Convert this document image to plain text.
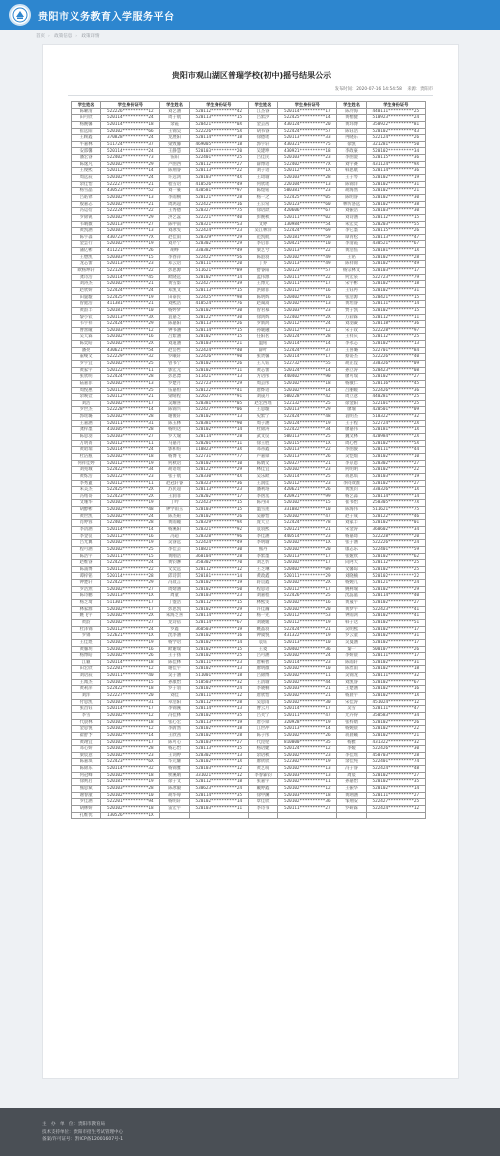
贵阳市义务教育入学服务平台
首页 › 政策信息 › 政策详情
贵阳市观山湖区普瑞学校(初中)摇号结果公示
发布时间：2020-07-16 14:54:58 来源：贵阳市
学生姓名	学生身份证号	学生姓名	学生身份证号	学生姓名	学生身份证号	学生姓名	学生身份证号
陈曜清	522226**********12	刘艺涵	520112**********42	江杰睿	520114**********17	陈冷海	440111**********25
田可欣	520114**********24	周子航	520113**********15	吕紫汐	522425**********14	黄楷健	510923**********24
杨婉馨	520114**********18	余霞	520421**********0X	金芸茜	430124**********20	黄玮博	350922**********81
崔远阳	520102**********66	王锦昊	522226**********5X	胡书睿	522424**********57	陈钰浩	520102**********43
王顾鑫	370828**********24	龙展阳	520114**********18	徐德瑶	520113**********33	冉晓东	522124**********26
牛嘉林	511724**********37	梁致馨	469005**********18	郭宇轩	430321**********75	徐凯	321281**********50
安邵馨	520114**********24	王静慧	520103**********20	吴建坤	430921**********18	李政豪	520102**********34
潘宏睿	522402**********73	伍阳	522401**********25	吕佳民	520103**********23	李函澄	520115**********36
陈逸凡	520102**********29	卢函西	520112**********27	薛博语	522402**********7X	刘宇赛	431124**********9X
王俊熙	520112**********14	陈翔睿	520113**********22	刘子语	520112**********1X	韩思航	520114**********36
周远辰	520102**********24	许远鸿	520103**********4X	王琦瑜	520103**********28	王子琴	520102**********19
余佳怡	522227**********21	程雪语	410526**********49	何欣瑶	220104**********13	陈锦洋	520102**********31
杨雪晶	430523**********52	刘一豪	430581**********97	陈煜铭	500381**********23	胡海然	520102**********21
吕皓铎	520102**********13	李雨桐	520121**********28	杨一之	522425**********05	陈明睿	520102**********30
殷嘉志	520102**********21	周鸿超	522422**********16	王公常	520123**********60	林传洛远	520102**********38
冯运衍	522224**********22	王秀德	520327**********75	徐语歆	420606**********67	刘振浩	520103**********30
罗锦锐	520102**********29	洪艺蕊	522221**********40	彭婉秋	520111**********02	刘诗涵	520112**********15
韦晴薇	520113**********27	陈中南	520321**********53	文婷	130984**********54	朱宏奕	520203**********55
黄凯涵	520103**********13	刘冰雯	522424**********23	吴江林洋	522424**********69	李它墨	520115**********26
陈宇淼	430723**********7X	赵佳雨	520329**********29	范凯航	520181**********59	谭青松	520113**********47
金雲行	520102**********19	刘芹宁	520302**********29	李启菲	520421**********10	李清霞	430521**********67
蒲亿彬	411221**********26	胡峥	330382**********49	梁艺兮	520113**********22	黄浩焦	520181**********1X
王懋凯	520303**********15	李春萍	522422**********56	陈湛羽	520102**********49	王铭	520102**********28
龙芯蕾	520113**********23	邓云语	520111**********20	丁乔	520113**********49	陈祥锦	520102**********49
欧杨坤轩	522124**********22	彭思源	511621**********89	舒睿阳	520123**********57	杨宗林文	520103**********17
龚诗浩	520114**********45	欧晓远	520102**********14	蓝伟源	520111**********22	何宏泉	522723**********79
刘涛杰	520102**********21	黄雪影	522427**********39	王博元	520111**********17	宋宇彬	520102**********18
赵欣妍	522424**********24	邓凯文	520113**********15	洪锦菲	520112**********16	王钰冉	520102**********31
田旎璇	522425**********19	田泰民	522425**********98	陈明辉	520402**********16	张浩源	520421**********15
曾庭浩	411381**********21	刘熙浩	410524**********76	赵蔼嵩	520102**********13	黄坦睿	520111**********14
黄韵丰	520181**********10	杨婷梦	520102**********30	曾君慕	520103**********23	贾子凯	520102**********15
黎小钦	520113**********3X	袁嘉芝	520122**********30	徐鸿辉	522402**********2X	万彩霖	520112**********11
韦宇祥	522424**********29	陈嘉阳	520113**********26	罗新鸿	520112**********24	刘羽凝	520118**********36
曹蕾瞳	520103**********12	钟书涵	520114**********15	孙暖融	520112**********12	宋子玟	522228**********97
吴天霖	520102**********16	吕紫涵	520102**********15	任阳茗	520124**********28	王祥庆	520112**********25
陈奕皓	520102**********2X	刘道涵	520103**********21	温铭	520114**********14	李永芯	520102**********13
潘亮	430621**********54	赵岱哲	522424**********40	薛叶	522424**********37	王喜璐	522701**********84
董峻文	522229**********32	罗曦轩	522426**********90	张贤馨	520114**********17	蔡姿杰	522226**********40
罗宇宜	520102**********25	曾书宁	520102**********26	王人钰	522732**********55	胡正滢	330326**********09
黄家宇	520122**********11	郭宏元	520102**********11	黄芯蕾	520124**********14	孙立涛	520423**********08
张欣明	522424**********28	彭思漂	511421**********13	方语彤	440402**********90	廖可瑞	520102**********27
陆嘉菲	520102**********13	罗楚月	522723**********29	周芸彤	520102**********18	杨敏仁	520116**********45
周悦惠	520112**********25	伍嘉恒	520122**********41	唐烨语	520102**********14	吕丽媛	522426**********36
余映萱	520112**********21	梁晴程	522627**********91	刘晟月	500228**********42	周立意	440281**********25
刘浩	520102**********17	吴耀喜	520381**********05	赵宏西瑶	522132**********25	徐金阳	522101**********25
罗世杰	522228**********14	陈锦兴	522427**********06	王思璇	520113**********29	廖瑜	420501**********09
郭瑶璐	520102**********28	谢俊轩	520102**********13	史紫宁	522424**********48	袁明杰	510322**********32
王嘉涵	520111**********31	陈玉林	520381**********90	周子涵	520124**********19	王子程	522724**********2X
龚梓墨	410105**********28	杨明达	520102**********14	杜锦涛	522422**********34	廖嘉伟	520181**********1X
陈思羽	520103**********27	罗天瑜	520114**********28	武文仪	500113**********25	魏文林	420984**********2X
万明菁	520112**********11	马嘉月	520201**********11	徐王胜	520115**********1X	周心哲	520102**********5X
黄昭瑞	520114**********24	郭和煊	110823**********3X	邓蒂鑫	520113**********22	李函骏	520111**********44
杜洁瓶	520102**********18	杨博飞	522731**********77	卢嘉锋	520113**********26	吴恺灿	520102**********10
何祥佳婷	520112**********19	何秋语	520102**********10	陈婧文	520327**********21	李京恩	520302**********27
刘苑城	522422**********34	胡语瑶	520122**********29	林佳宜	520102**********23	何明明	520102**********22
黄烁浩	520122**********23	张子航	520330**********4X	吴乐欧	520114**********25	蒋思琪	520103**********19
李秀蓋	520112**********11	赵冠轩睿	520323**********36	王润佳	520112**********23	李同效淮	520102**********27
朱美杰	522425**********2X	苏民超	520113**********23	潘利珞	420621**********26	黄凯钧	330326**********1X
冯绪哥	522423**********2X	王润菲	520202**********17	李函丞	420921**********99	杨艺淼	520114**********14
文珊华	520102**********19	丁吟	522423**********15	陈丹田	520102**********15	崔书怡	250305**********7X
胡醇彬	520102**********48	钟学雨玉	520103**********15	温雪莲	331082**********10	陈海伟	511621**********75
黄世凯	520102**********24	陈杰暄	520102**********26	吴静怡	520102**********47	赵子成	520122**********46
肖婷蓉	522402**********28	黄雨曈	520329**********9X	庞天立	522424**********78	刘家丰	520102**********01
李清涵	520114**********14	杨溪阳	520321**********92	袁羽熙	520121**********21	宋金涛	360602**********34
李金仪	520112**********16	冯超	520328**********96	李佳涵	440514**********23	杨嘉琦	522228**********20
吕光翼	520102**********19	吴睿远	522424**********49	李明瑜	520102**********1X	张子涵	522226**********24
程可涵	520102**********25	李佳芸	510821**********30	熊丹	520102**********20	康志乐	522401**********59
陈浩宇	520111**********15	黄刚浩	360104**********28	李紫墨	520113**********17	张娅欣	520102**********62
赵维睿	522422**********24	黄钧淋	350302**********70	刘艺忻	520102**********17	向阿天	520112**********25
陈浦博	520112**********22	文奕远	520112**********12	王芝琳	520402**********89	文馨琼	520102**********25
谭梓铭	520114**********28	邱诗淇	520181**********14	黄政鑫	520111**********29	刘晓楠	520102**********22
钟楚轩	522422**********29	冯玟言	520102**********19	蒋贯鑫	520102**********2X	杨婉儿	520121**********24
罗浩然	520102**********27	周婧涵	520102**********50	程思语	520112**********17	姚柯瑜	520102**********29
陈诗鹏	520113**********1X	周童	520103**********23	刘嘉程	522426**********25	沈蕊嵐	520114**********40
杨芝琦	511301**********17	丁蓥浩	520112**********15	林熙雯	520102**********16	黄晟宇	520102**********27
林家源	520102**********17	彭思凯	520102**********29	许佳瀚	520102**********20	黄梦宇	522423**********41
姚飞宇	520102**********2X	朱海芝喜	520114**********22	杨一先	520112**********53	钟雨鸿	520102**********41
黄韵	520102**********27	龙诗蓓	520114**********67	刘晓媛	520112**********19	韩子达	520102**********51
杜泽锦	520112**********24	罗鑫	360503**********19	姚晶羽	522424**********21	吴明熙	520102**********17
罗锦	522621**********1X	沈李涵	520102**********16	钟虞悦	431322**********19	罗云童	520102**********31
王佳煜	520102**********19	杨学语	520102**********14	袁钰	520113**********10	吴曼涵	520102**********17
黄馨玥	520102**********16	欧谢瑞	520102**********15	王菱	520402**********36	秦一	500107**********26
杨博皓	520102**********26	王子扬	520102**********25	吕可涵	520102**********24	李妍晨	520111**********17
江颖	520114**********18	陈佳林	520111**********23	唐蕲智	520114**********23	陈雨轩	520102**********31
田宏欣	522201**********12	谢佳宇	520102**********13	廖明薇	520102**********10	陈丝雨	520102**********18
刘语辰	520111**********40	吴子涵	511001**********18	吕锦博	520102**********11	吴锦龙	520111**********32
王闻杰	520102**********15	孙康怡	510503**********32	王清瑜	520102**********44	刘凯睿	520102**********67
黄莉萍	522422**********18	罗子羽	520102**********24	李晓桐	520103**********21	王楚涵	520102**********16
刘洋	522227**********20	刘佳	520111**********12	唐欣怡	520102**********21	杨晨宇	520102**********1X
付思凯	520103**********31	卓浩阳	520112**********28	吴思雨	520102**********30	宋佳涛	451024**********12
张昌钰	520114**********17	李锦溪	520114**********13	曹云月	520114**********17	吴雪	520111**********47
李雪	520102**********12	冯佳林	520102**********35	吕芙宁	520111**********47	尤卉得	350583**********34
代晨林	520102**********18	张心宏	520113**********19	唐小锋	320928**********19	张梓婧	520102**********26
金思悦	520102**********12	李蔚然	520102**********18	江世冲	520113**********14	杨婉晨	520102**********22
翟舒予	520102**********14	王欣茜	520102**********28	陈子彤	520102**********26	蒋晨曦	520102**********21
黄翊宜	520102**********17	陈可心	520103**********27	代昆伦	810000**********35	杨雅	431322**********32
邓心妍	520102**********28	杨芯怡	520113**********15	杨语婕	520124**********12	李媛	522426**********30
梁宸意	520102**********23	王词婷	520302**********13	余语秋	520102**********23	李佳瑶	450703**********28
陈嘉琪	522423**********6X	毕元耀	520102**********1X	廖钬欣	522302**********19	余佳纯	522401**********74
陈锦乐	520114**********32	杨锦雅	520103**********12	黄艺萌	520102**********13	冯子睿	522424**********48
何冠峰	520102**********18	侯溪晴	331021**********12	李春霖钧	520103**********13	周宸	520102**********27
徐则启	520181**********19	徐子文	520112**********18	张嘉宇	520102**********11	孙嘉怡	520102**********35
熊思斌	520103**********28	陈冰毅	530623**********24	戴婷鑫	520102**********12	王振华	520102**********14
谢春潼	520102**********10	胡华莓	520114**********35	徐中澜	520103**********18	黄翊涵	520111**********27
罗佳涵	522201**********94	杨明轩	520102**********14	覃佳欣	520102**********36	邹翔安	522427**********25
胡林妍	520102**********18	雷宏宇	520103**********11	李诗书	520111**********27	罗研霖	522424**********12
孔维优	130526**********1X						
主　办　单　位：贵阳市教育局
技术支持单位：贵阳市招生考试管理中心
备案/许可证号：黔ICP备12001607号-1
